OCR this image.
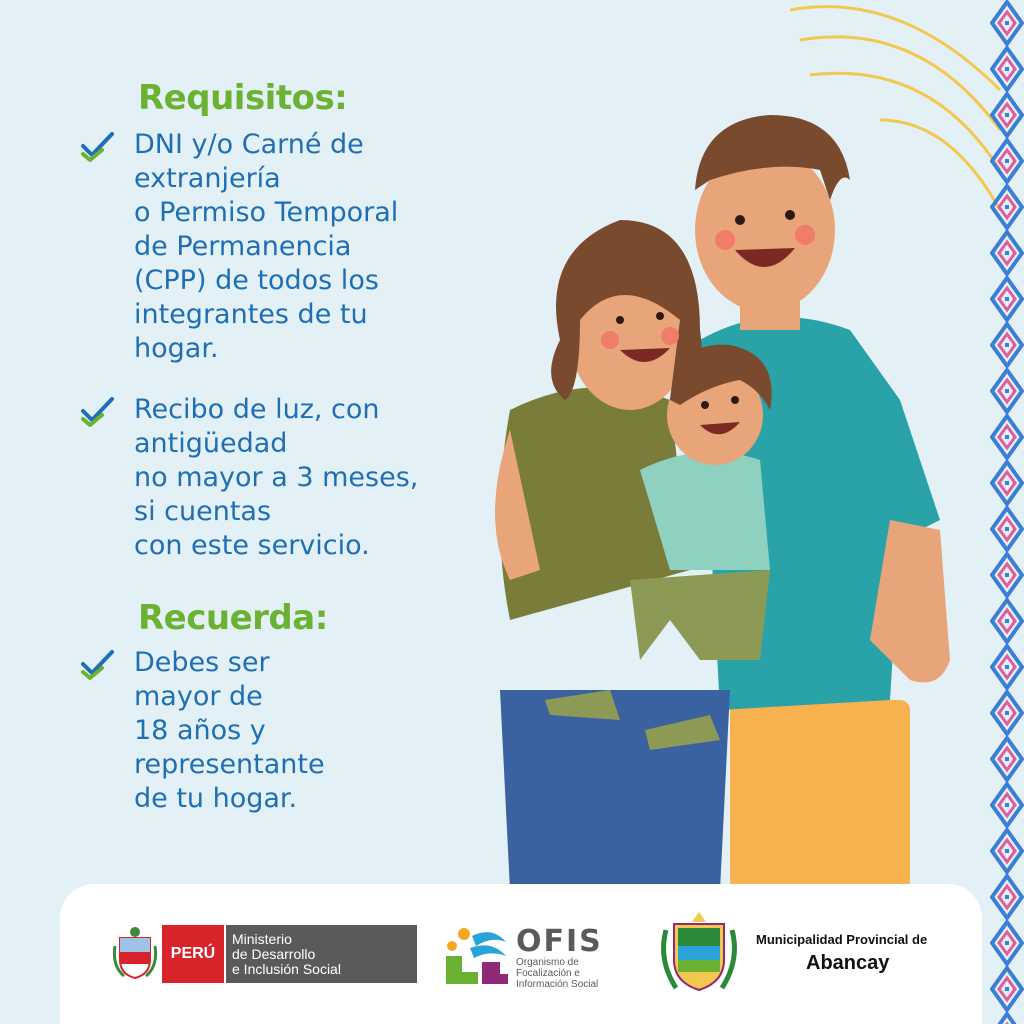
Requisitos:
DNI y/o Carné de
extranjería
o Permiso Temporal
de Permanencia
(CPP) de todos los
integrantes de tu
hogar.
Recibo de luz, con
antigüedad
no mayor a 3 meses,
si cuentas
con este servicio.
Recuerda:
Debes ser
mayor de
18 años y
representante
de tu hogar.
PERÚ
Ministerio
de Desarrollo
e Inclusión Social
OFIS
Organismo de
Focalización e
Información Social
Municipalidad Provincial de
Abancay
